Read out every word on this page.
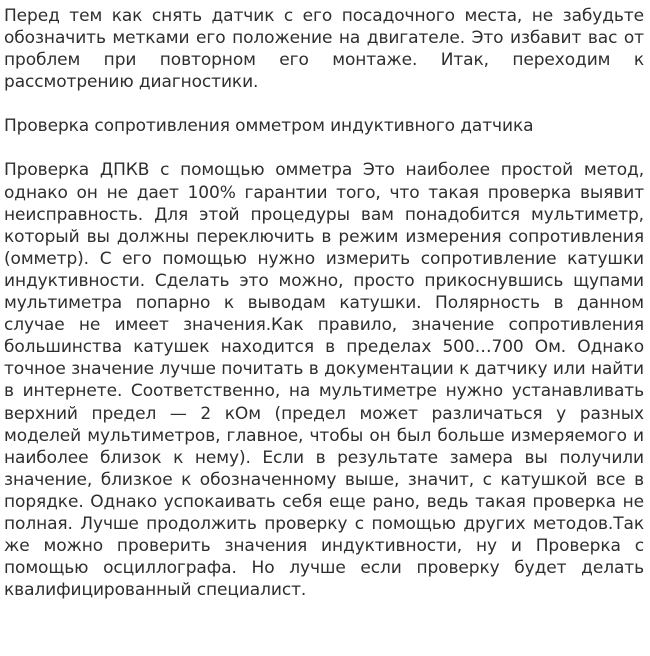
Перед тем как снять датчик с его посадочного места, не забудьте обозначить метками его положение на двигателе. Это избавит вас от проблем при повторном его монтаже. Итак, переходим к рассмотрению диагностики.

Проверка сопротивления омметром индуктивного датчика

Проверка ДПКВ с помощью омметра Это наиболее простой метод, однако он не дает 100% гарантии того, что такая проверка выявит неисправность. Для этой процедуры вам понадобится мультиметр, который вы должны переключить в режим измерения сопротивления (омметр). С его помощью нужно измерить сопротивление катушки индуктивности. Сделать это можно, просто прикоснувшись щупами мультиметра попарно к выводам катушки. Полярность в данном случае не имеет значения.Как правило, значение сопротивления большинства катушек находится в пределах 500…700 Ом. Однако точное значение лучше почитать в документации к датчику или найти в интернете. Соответственно, на мультиметре нужно устанавливать верхний предел — 2 кОм (предел может различаться у разных моделей мультиметров, главное, чтобы он был больше измеряемого и наиболее близок к нему). Если в результате замера вы получили значение, близкое к обозначенному выше, значит, с катушкой все в порядке. Однако успокаивать себя еще рано, ведь такая проверка не полная. Лучше продолжить проверку с помощью других методов.Так же можно проверить значения индуктивности, ну и Проверка с помощью осциллографа. Но лучше если проверку будет делать квалифицированный специалист.
